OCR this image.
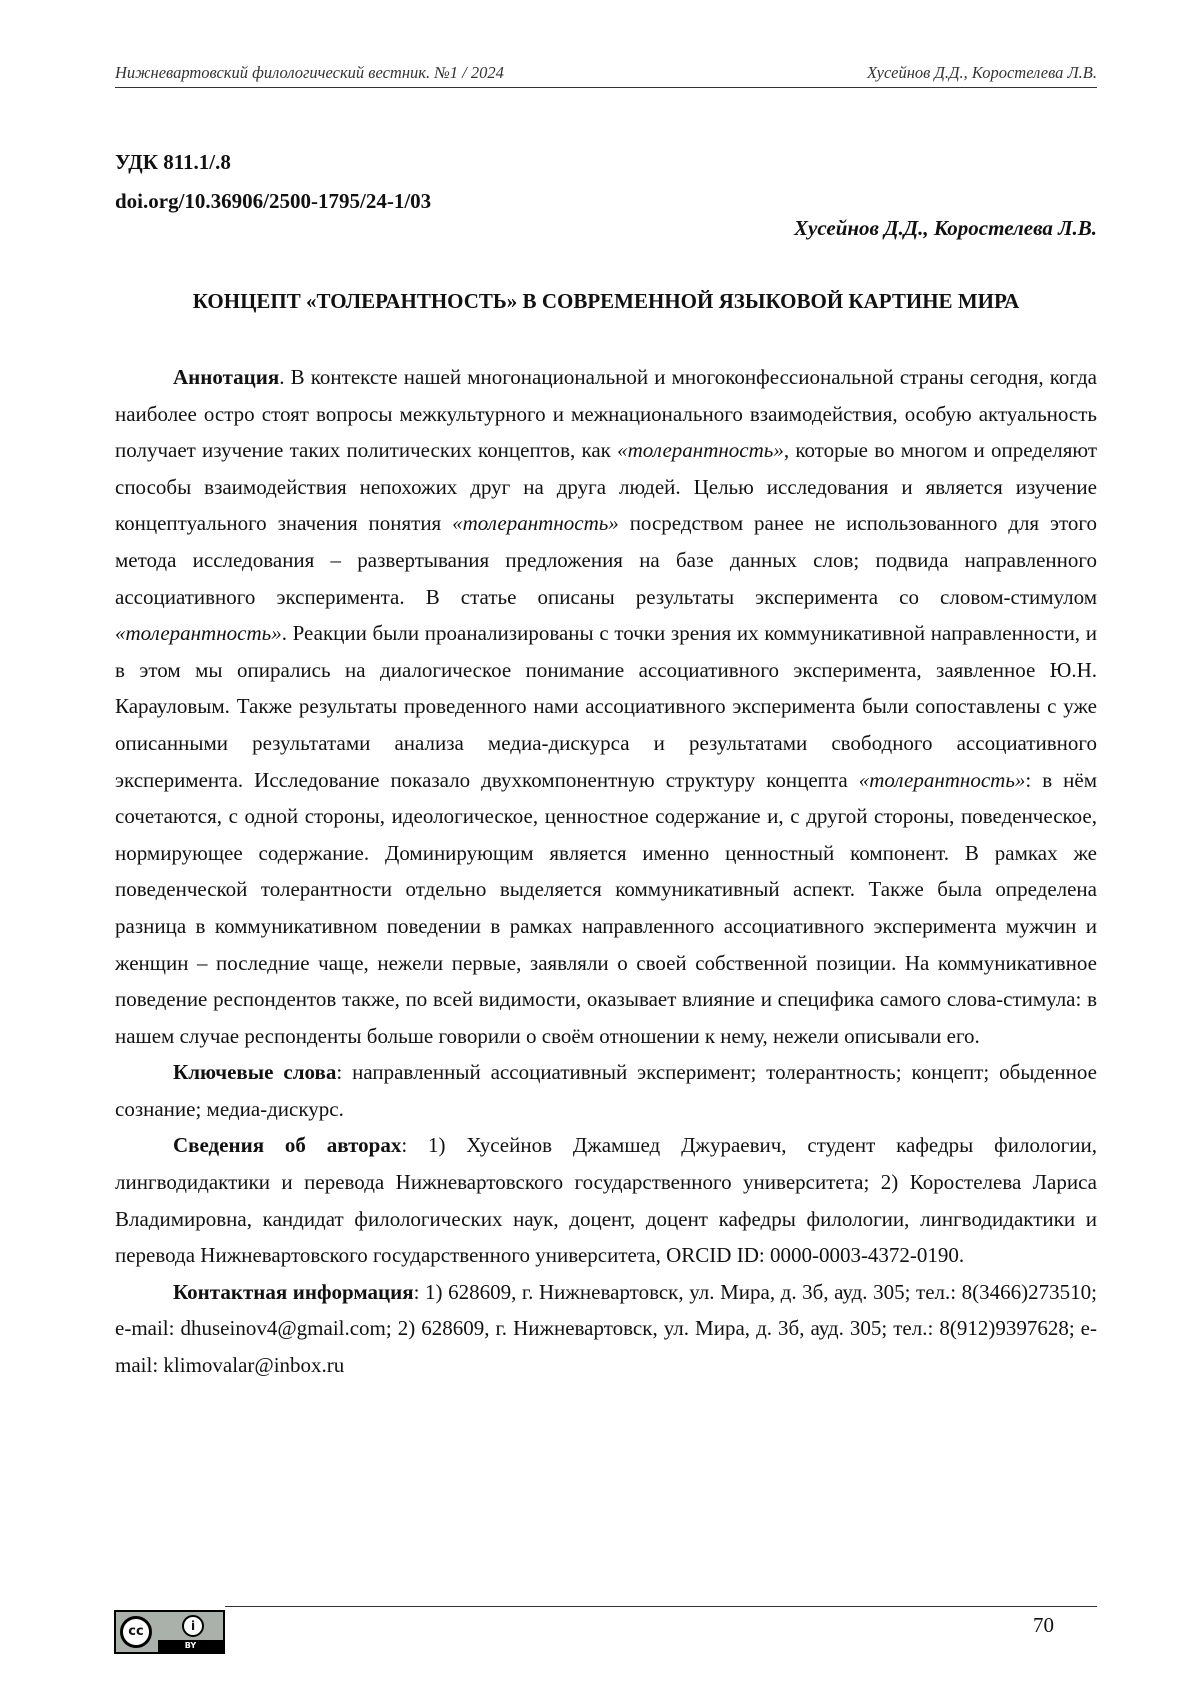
Нижневартовский филологический вестник. №1 / 2024	Хусейнов Д.Д., Коростелева Л.В.
УДК 811.1/.8
doi.org/10.36906/2500-1795/24-1/03
Хусейнов Д.Д., Коростелева Л.В.
КОНЦЕПТ «ТОЛЕРАНТНОСТЬ» В СОВРЕМЕННОЙ ЯЗЫКОВОЙ КАРТИНЕ МИРА

Аннотация. В контексте нашей многонациональной и многоконфессиональной страны сегодня, когда наиболее остро стоят вопросы межкультурного и межнационального взаимодействия, особую актуальность получает изучение таких политических концептов, как «толерантность», которые во многом и определяют способы взаимодействия непохожих друг на друга людей. Целью исследования и является изучение концептуального значения понятия «толерантность» посредством ранее не использованного для этого метода исследования – развертывания предложения на базе данных слов; подвида направленного ассоциативного эксперимента. В статье описаны результаты эксперимента со словом-стимулом «толерантность». Реакции были проанализированы с точки зрения их коммуникативной направленности, и в этом мы опирались на диалогическое понимание ассоциативного эксперимента, заявленное Ю.Н. Карауловым. Также результаты проведенного нами ассоциативного эксперимента были сопоставлены с уже описанными результатами анализа медиа-дискурса и результатами свободного ассоциативного эксперимента. Исследование показало двухкомпонентную структуру концепта «толерантность»: в нём сочетаются, с одной стороны, идеологическое, ценностное содержание и, с другой стороны, поведенческое, нормирующее содержание. Доминирующим является именно ценностный компонент. В рамках же поведенческой толерантности отдельно выделяется коммуникативный аспект. Также была определена разница в коммуникативном поведении в рамках направленного ассоциативного эксперимента мужчин и женщин – последние чаще, нежели первые, заявляли о своей собственной позиции. На коммуникативное поведение респондентов также, по всей видимости, оказывает влияние и специфика самого слова-стимула: в нашем случае респонденты больше говорили о своём отношении к нему, нежели описывали его.

Ключевые слова: направленный ассоциативный эксперимент; толерантность; концепт; обыденное сознание; медиа-дискурс.

Сведения об авторах: 1) Хусейнов Джамшед Джураевич, студент кафедры филологии, лингводидактики и перевода Нижневартовского государственного университета; 2) Коростелева Лариса Владимировна, кандидат филологических наук, доцент, доцент кафедры филологии, лингводидактики и перевода Нижневартовского государственного университета, ORCID ID: 0000-0003-4372-0190.

Контактная информация: 1) 628609, г. Нижневартовск, ул. Мира, д. 3б, ауд. 305; тел.: 8(3466)273510; e-mail: dhuseinov4@gmail.com; 2) 628609, г. Нижневартовск, ул. Мира, д. 3б, ауд. 305; тел.: 8(912)9397628; e-mail: klimovalar@inbox.ru

cc	i
BY
70
